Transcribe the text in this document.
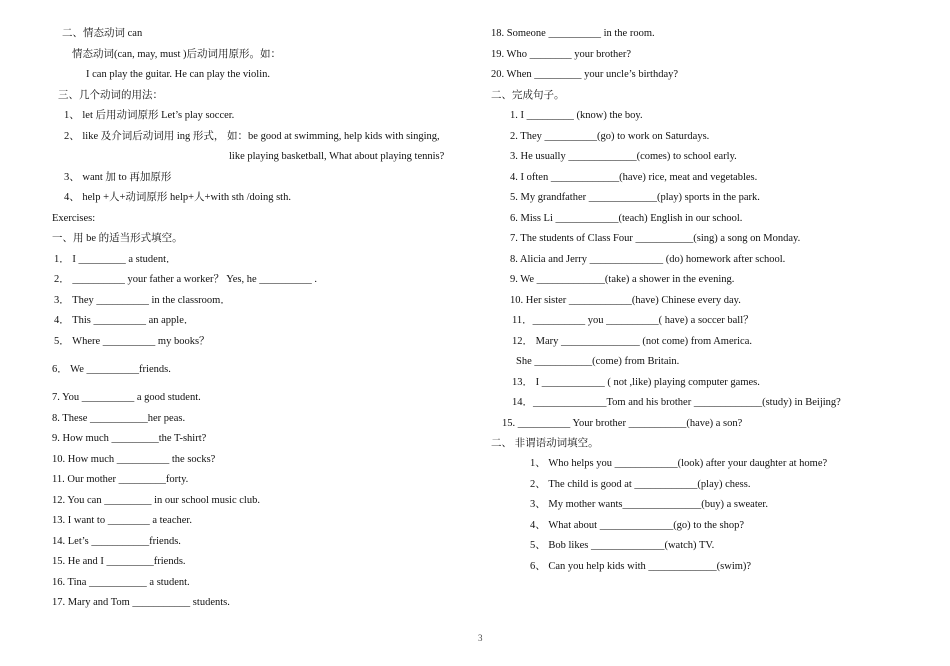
二、情态动词 can
情态动词(can, may, must )后动词用原形。如：
I can play the guitar. He can play the violin.
三、几个动词的用法：
1、 let 后用动词原形 Let’s play soccer.
2、 like 及介词后动词用 ing 形式， 如：be good at swimming, help kids with singing,
like playing basketball, What about playing tennis?
3、 want 加 to 再加原形
4、 help +人+动词原形 help+人+with sth /doing sth.
Exercises:
一、用 be 的适当形式填空。
1． I _________ a student．
2． __________ your father a worker？ Yes, he __________ .
3． They __________ in the classroom．
4． This __________ an apple．
5． Where __________ my books？
6． We __________friends.
7. You __________ a good student.
8. These ___________her peas.
9. How much _________the T-shirt?
10. How much __________ the socks?
11. Our mother _________forty.
12. You can _________ in our school music club.
13. I want to ________ a teacher.
14. Let’s ___________friends.
15. He and I _________friends.
16. Tina ___________ a student.
17. Mary and Tom ___________ students.
18. Someone __________ in the room.
19. Who ________ your brother?
20. When _________ your uncle’s birthday?
二、完成句子。
1. I _________ (know) the boy.
2. They __________(go) to work on Saturdays.
3. He usually _____________(comes) to school early.
4. I often _____________(have) rice, meat and vegetables.
5. My grandfather _____________(play) sports in the park.
6. Miss Li ____________(teach) English in our school.
7. The students of Class Four ___________(sing) a song on Monday.
8. Alicia and Jerry ______________ (do) homework after school.
9. We _____________(take) a shower in the evening.
10. Her sister ____________(have) Chinese every day.
11．__________ you __________( have) a soccer ball？
12． Mary _______________ (not come) from America.
She ___________(come) from Britain.
13． I ____________ ( not ,like) playing computer games.
14．______________Tom and his brother _____________(study) in Beijing?
15. __________ Your brother ___________(have) a son?
二、 非谓语动词填空。
1、 Who helps you ____________(look) after your daughter at home?
2、 The child is good at ____________(play) chess.
3、 My mother wants_______________(buy) a sweater.
4、 What about ______________(go) to the shop?
5、 Bob likes ______________(watch) TV.
6、 Can you help kids with _____________(swim)?
3
